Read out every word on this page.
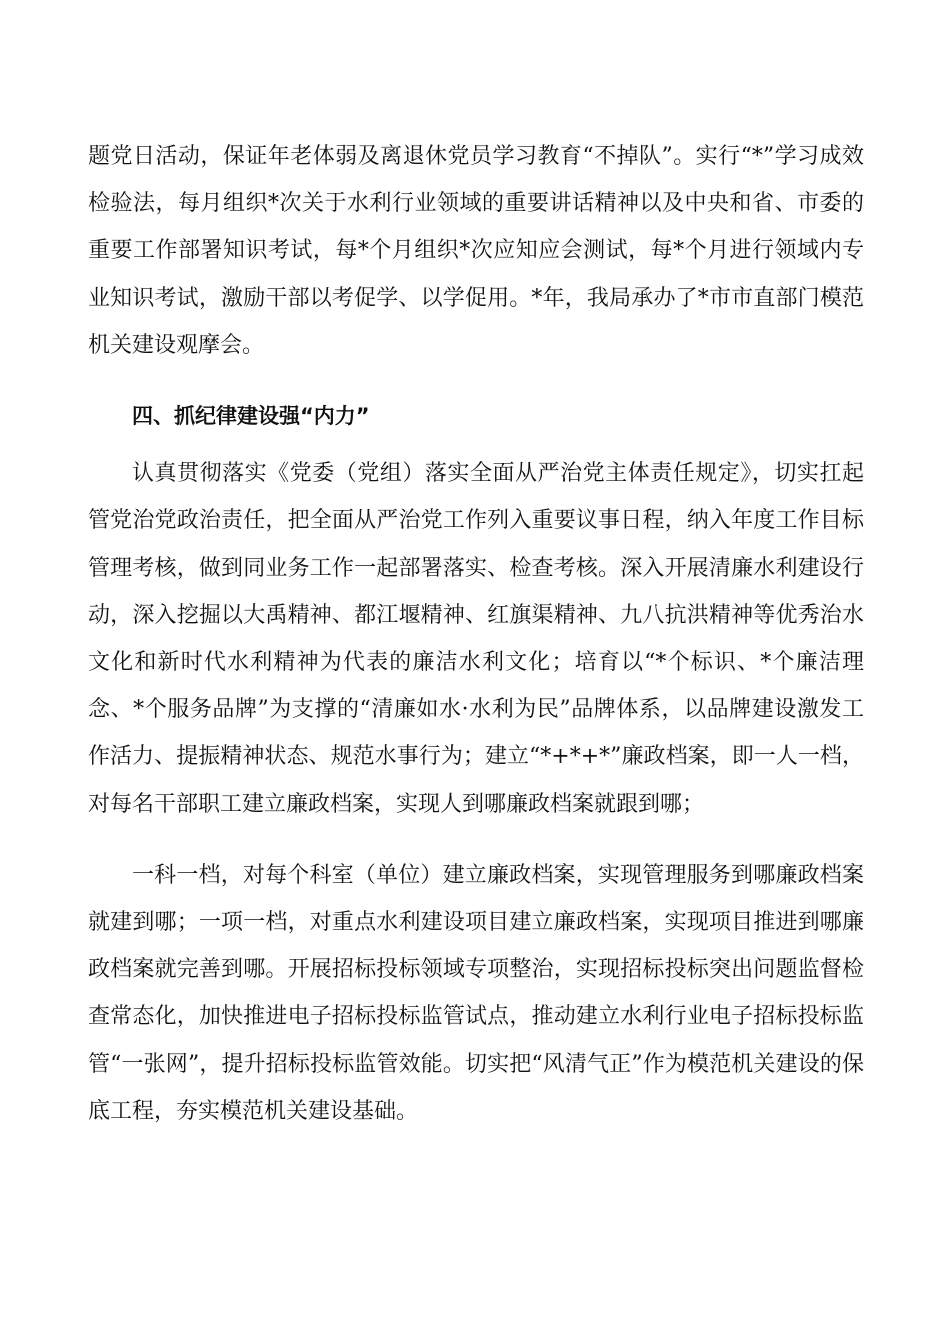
题党日活动，保证年老体弱及离退休党员学习教育“不掉队”。实行“*”学习成效检验法，每月组织*次关于水利行业领域的重要讲话精神以及中央和省、市委的重要工作部署知识考试，每*个月组织*次应知应会测试，每*个月进行领域内专业知识考试，激励干部以考促学、以学促用。*年，我局承办了*市市直部门模范机关建设观摩会。

四、抓纪律建设强“内力”

认真贯彻落实《党委（党组）落实全面从严治党主体责任规定》，切实扛起管党治党政治责任，把全面从严治党工作列入重要议事日程，纳入年度工作目标管理考核，做到同业务工作一起部署落实、检查考核。深入开展清廉水利建设行动，深入挖掘以大禹精神、都江堰精神、红旗渠精神、九八抗洪精神等优秀治水文化和新时代水利精神为代表的廉洁水利文化；培育以“*个标识、*个廉洁理念、*个服务品牌”为支撑的“清廉如水·水利为民”品牌体系，以品牌建设激发工作活力、提振精神状态、规范水事行为；建立“*+*+*”廉政档案，即一人一档，对每名干部职工建立廉政档案，实现人到哪廉政档案就跟到哪；

一科一档，对每个科室（单位）建立廉政档案，实现管理服务到哪廉政档案就建到哪；一项一档，对重点水利建设项目建立廉政档案，实现项目推进到哪廉政档案就完善到哪。开展招标投标领域专项整治，实现招标投标突出问题监督检查常态化，加快推进电子招标投标监管试点，推动建立水利行业电子招标投标监管“一张网”，提升招标投标监管效能。切实把“风清气正”作为模范机关建设的保底工程，夯实模范机关建设基础。
